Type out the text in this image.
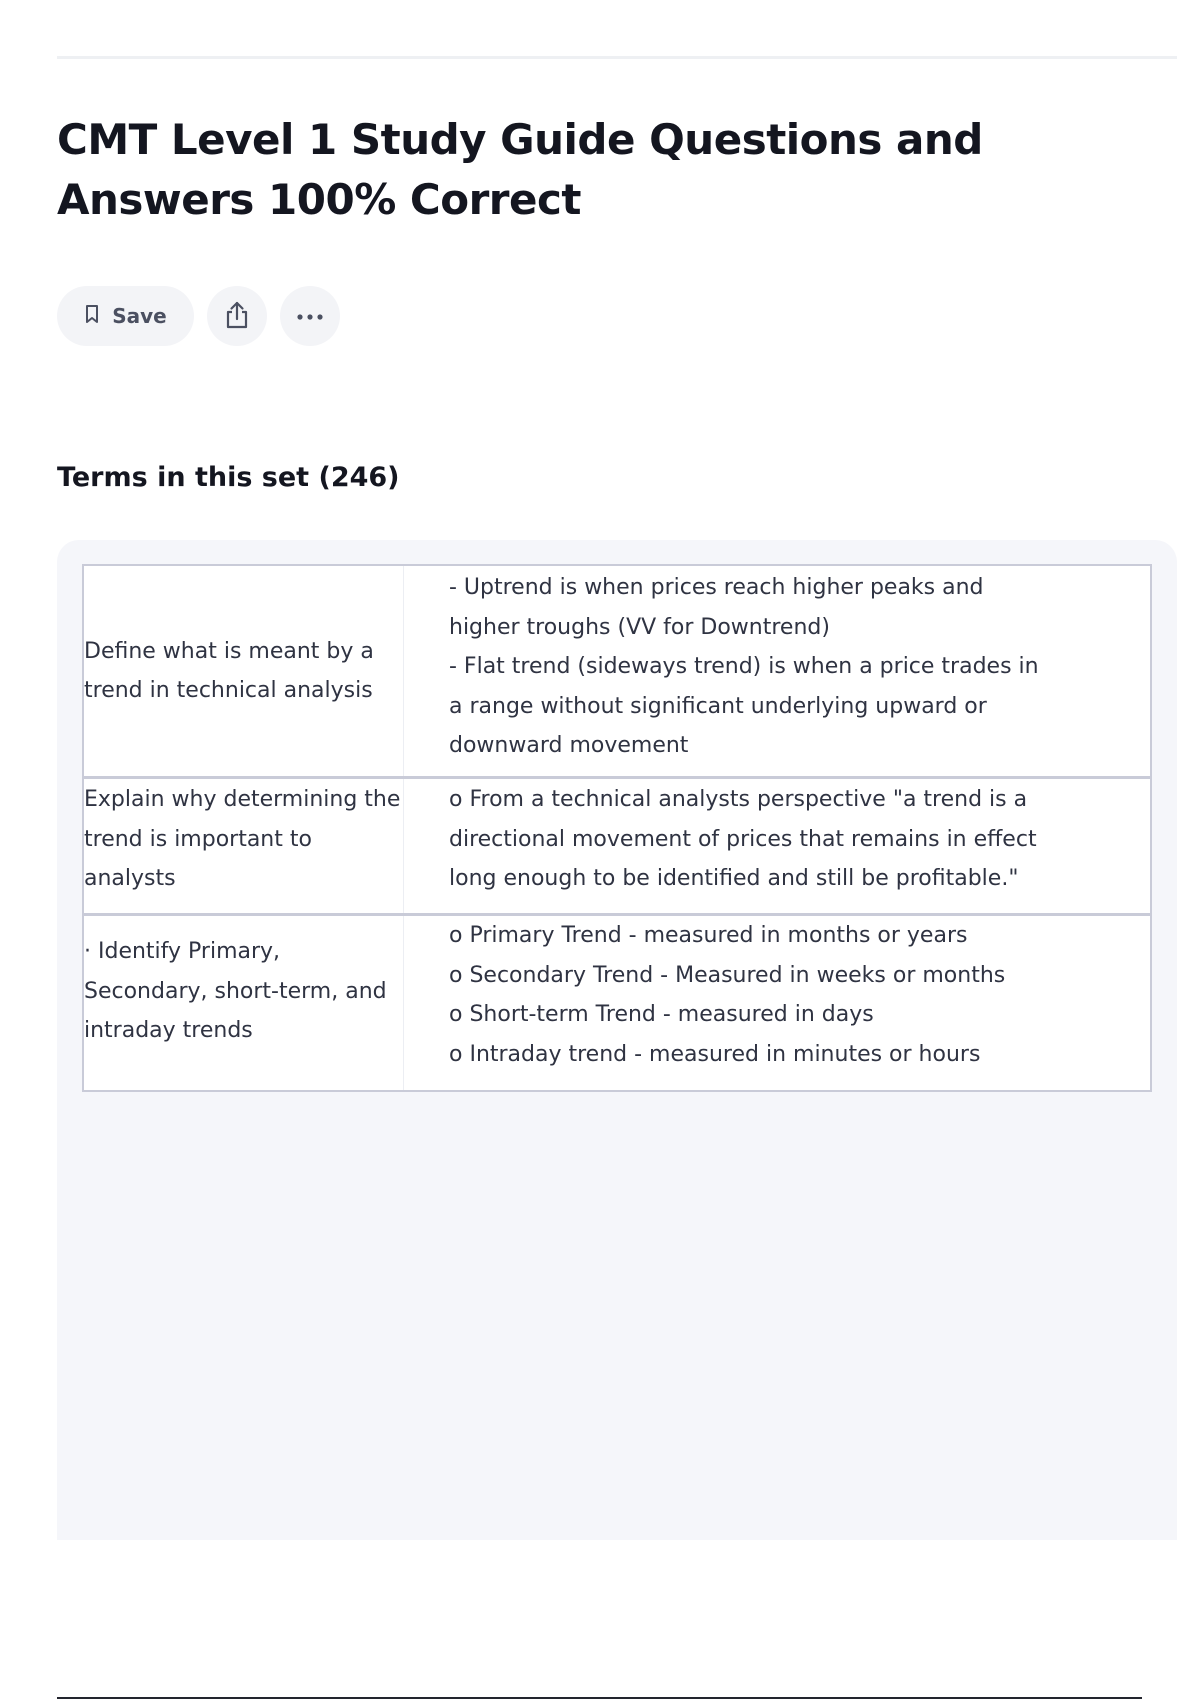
CMT Level 1 Study Guide Questions and Answers 100% Correct
Save
Terms in this set (246)
Define what is meant by a trend in technical analysis
- Uptrend is when prices reach higher peaks and
higher troughs (VV for Downtrend)
- Flat trend (sideways trend) is when a price trades in
a range without significant underlying upward or
downward movement
Explain why determining the trend is important to analysts
o From a technical analysts perspective "a trend is a
directional movement of prices that remains in effect
long enough to be identified and still be profitable."
· Identify Primary, Secondary, short-term, and intraday trends
o Primary Trend - measured in months or years
o Secondary Trend - Measured in weeks or months
o Short-term Trend - measured in days
o Intraday trend - measured in minutes or hours
